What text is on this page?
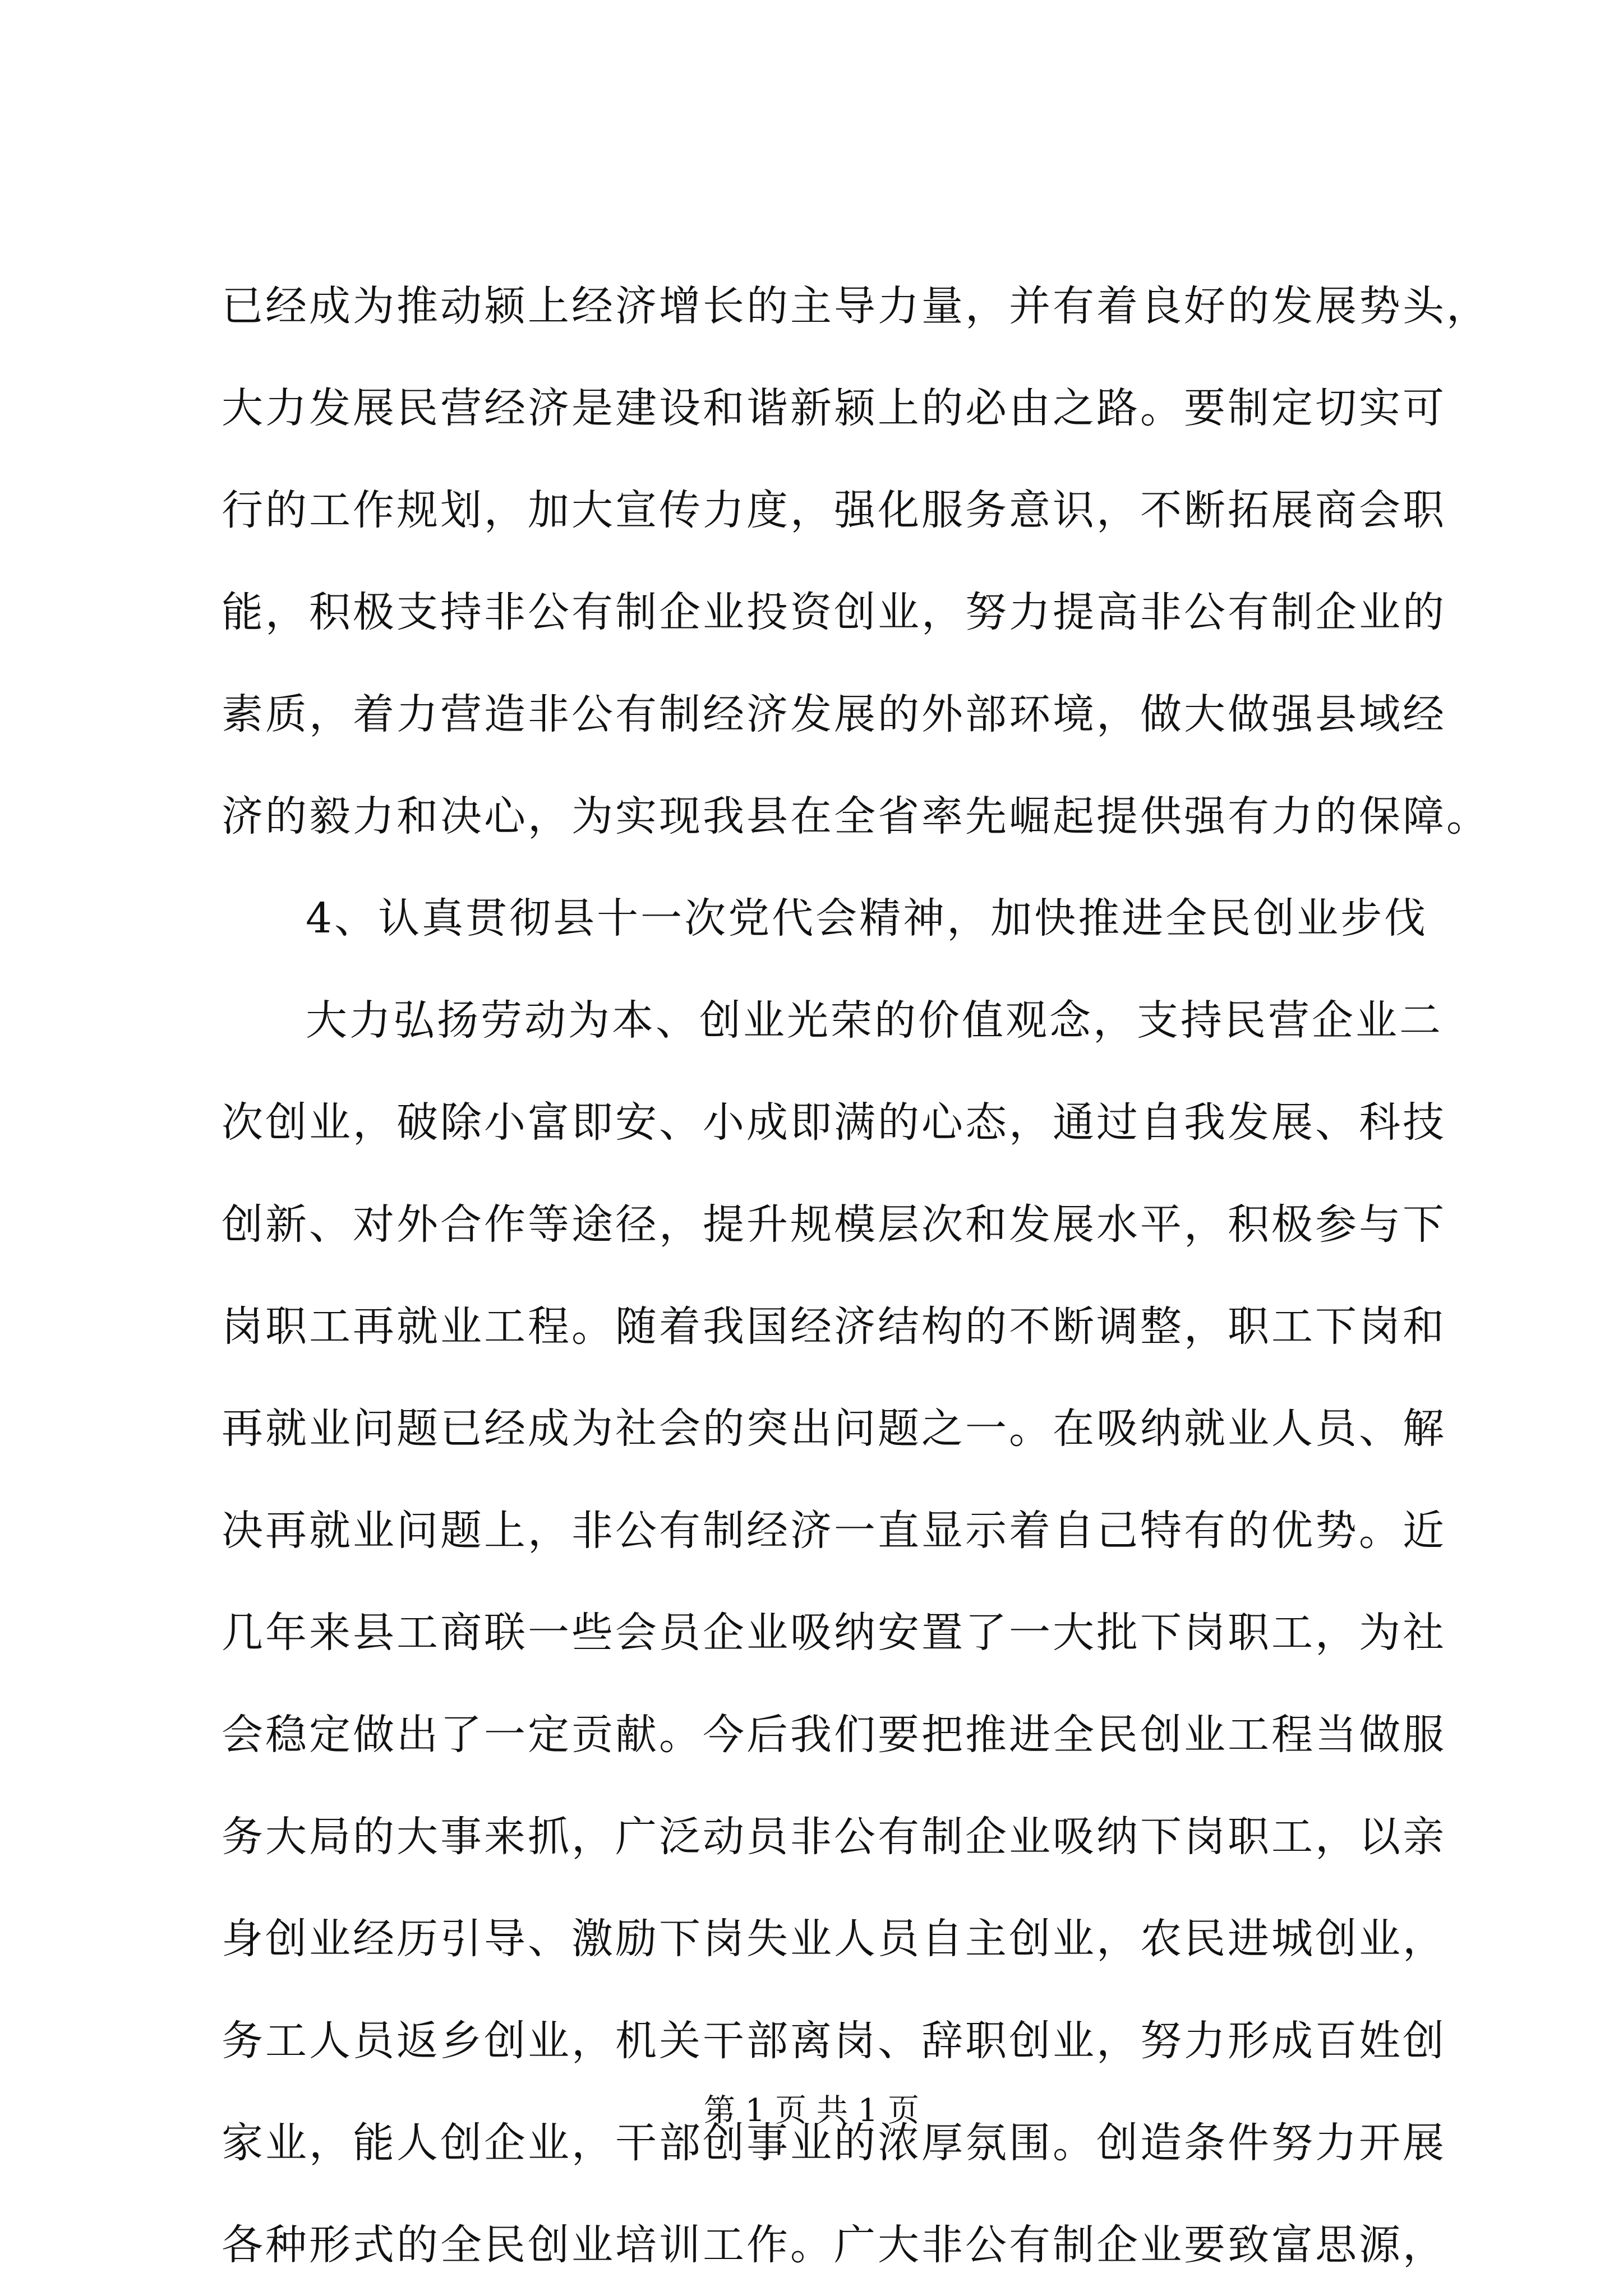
已经成为推动颍上经济增长的主导力量，并有着良好的发展势头，
大力发展民营经济是建设和谐新颍上的必由之路。要制定切实可
行的工作规划，加大宣传力度，强化服务意识，不断拓展商会职
能，积极支持非公有制企业投资创业，努力提高非公有制企业的
素质，着力营造非公有制经济发展的外部环境，做大做强县域经
济的毅力和决心，为实现我县在全省率先崛起提供强有力的保障。
4、认真贯彻县十一次党代会精神，加快推进全民创业步伐
大力弘扬劳动为本、创业光荣的价值观念，支持民营企业二
次创业，破除小富即安、小成即满的心态，通过自我发展、科技
创新、对外合作等途径，提升规模层次和发展水平，积极参与下
岗职工再就业工程。随着我国经济结构的不断调整，职工下岗和
再就业问题已经成为社会的突出问题之一。在吸纳就业人员、解
决再就业问题上，非公有制经济一直显示着自己特有的优势。近
几年来县工商联一些会员企业吸纳安置了一大批下岗职工，为社
会稳定做出了一定贡献。今后我们要把推进全民创业工程当做服
务大局的大事来抓，广泛动员非公有制企业吸纳下岗职工，以亲
身创业经历引导、激励下岗失业人员自主创业，农民进城创业，
务工人员返乡创业，机关干部离岗、辞职创业，努力形成百姓创
家业，能人创企业，干部创事业的浓厚氛围。创造条件努力开展
各种形式的全民创业培训工作。广大非公有制企业要致富思源，
第 1 页 共 1 页
